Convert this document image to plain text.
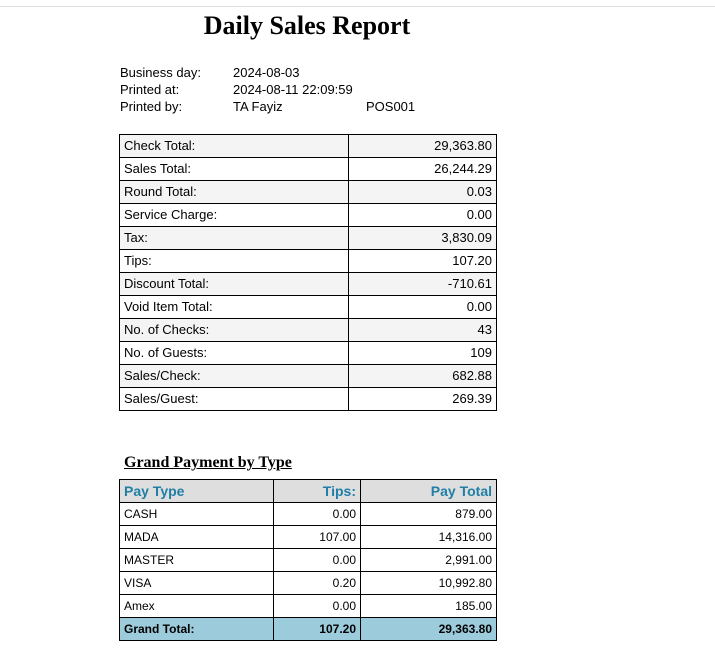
Daily Sales Report
Business day: 2024-08-03
Printed at:	2024-08-11 22:09:59
Printed by:	TA Fayiz	POS001
Check Total:	29,363.80
Sales Total:	26,244.29
Round Total:	0.03
Service Charge:	0.00
Tax:	3,830.09
Tips:	107.20
Discount Total:	-710.61
Void Item Total:	0.00
No. of Checks:	43
No. of Guests:	109
Sales/Check:	682.88
Sales/Guest:	269.39
Grand Payment by Type
Pay Type	Tips:	Pay Total
CASH	0.00	879.00
MADA	107.00	14,316.00
MASTER	0.00	2,991.00
VISA	0.20	10,992.80
Amex	0.00	185.00
Grand Total:	107.20	29,363.80
